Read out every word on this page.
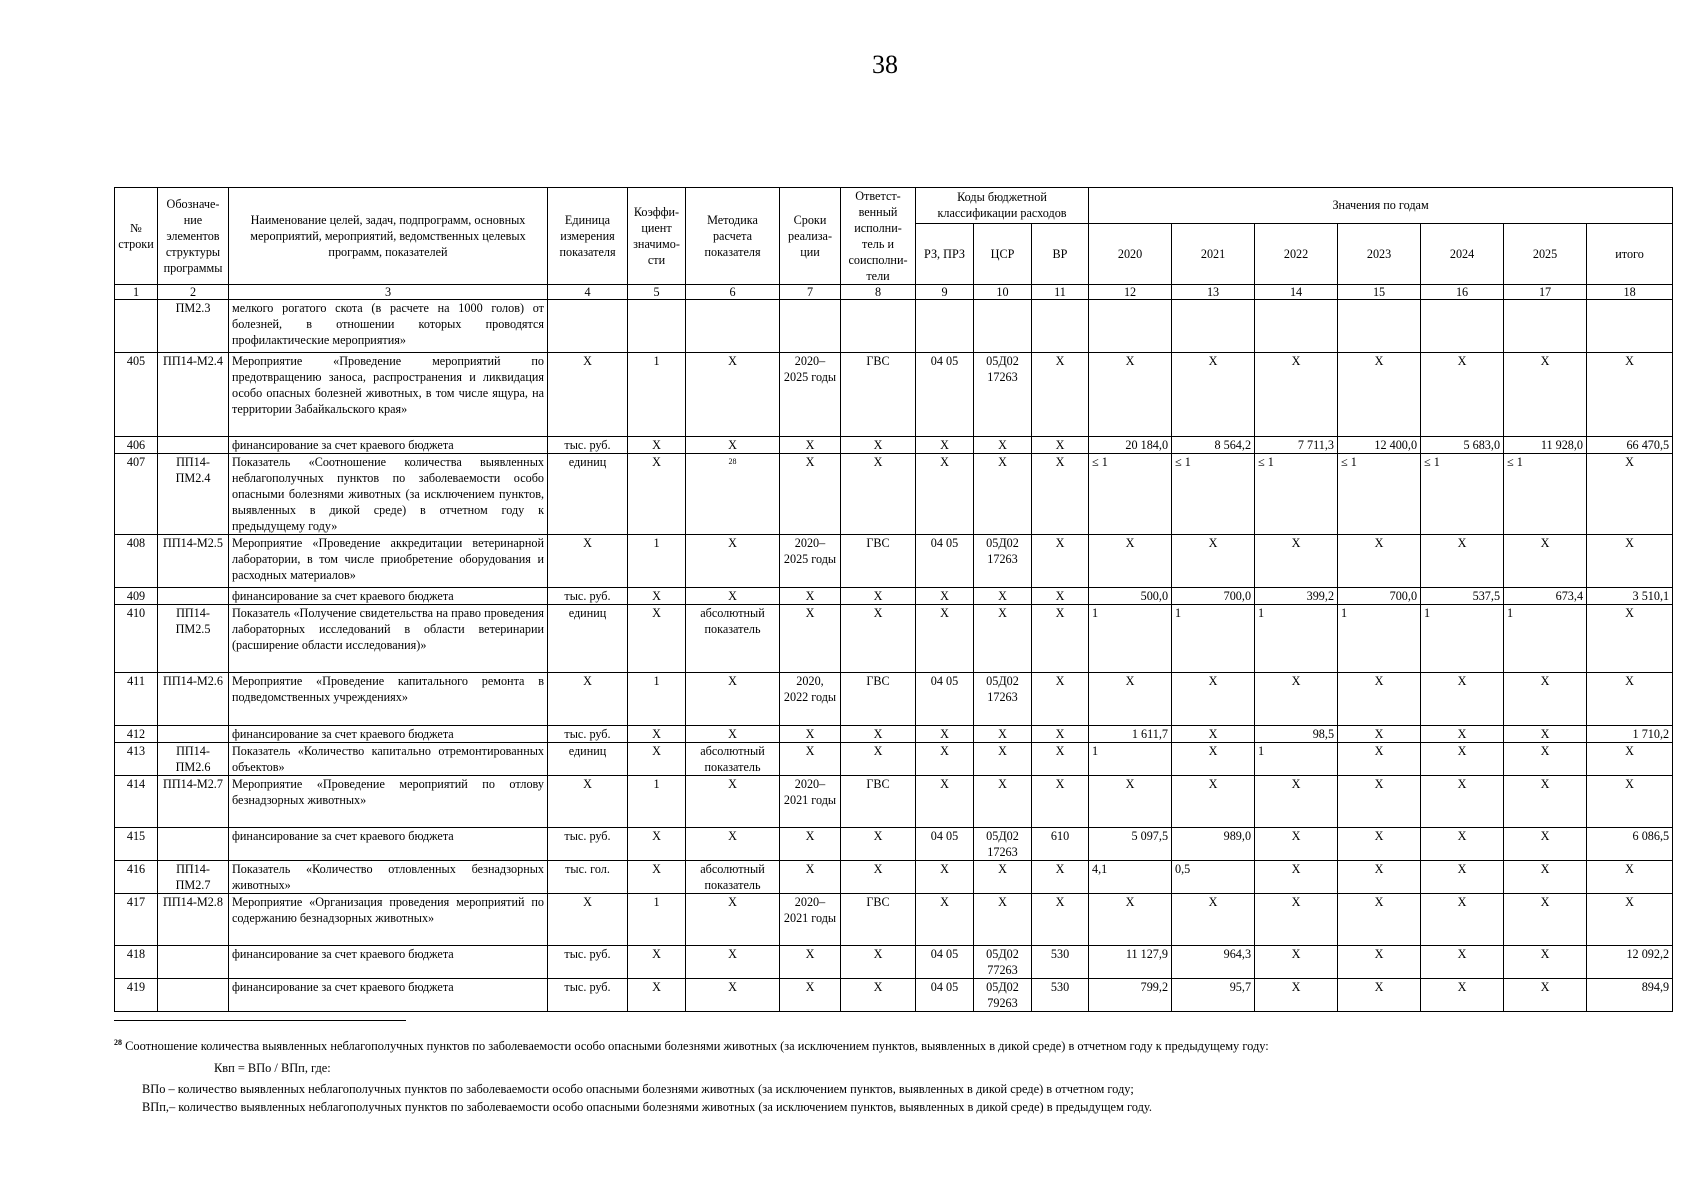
38
№ строки	Обозначе-ние элементов структуры программы	Наименование целей, задач, подпрограмм, основных мероприятий, мероприятий, ведомственных целевых программ, показателей	Единица измерения показателя	Коэффи-циент значимо-сти	Методика расчета показателя	Сроки реализа-ции	Ответст-венный исполни-тель и соисполни-тели	Коды бюджетной классификации расходов			Значения по годам						
								РЗ, ПРЗ	ЦСР	ВР	2020	2021	2022	2023	2024	2025	итого
1	2	3	4	5	6	7	8	9	10	11	12	13	14	15	16	17	18
	ПМ2.3	мелкого рогатого скота (в расчете на 1000 голов) от болезней, в отношении которых проводятся профилактические мероприятия»															
405	ПП14-М2.4	Мероприятие «Проведение мероприятий по предотвращению заноса, распространения и ликвидация особо опасных болезней животных, в том числе ящура, на территории Забайкальского края»	X	1	X	2020–2025 годы	ГВС	04 05	05Д02 17263	X	X	X	X	X	X	X	X
406		финансирование за счет краевого бюджета	тыс. руб.	X	X	X	X	X	X	X	20 184,0	8 564,2	7 711,3	12 400,0	5 683,0	11 928,0	66 470,5
407	ПП14-ПМ2.4	Показатель «Соотношение количества выявленных неблагополучных пунктов по заболеваемости особо опасными болезнями животных (за исключением пунктов, выявленных в дикой среде) в отчетном году к предыдущему году»	единиц	X	28	X	X	X	X	X	≤ 1	≤ 1	≤ 1	≤ 1	≤ 1	≤ 1	X
408	ПП14-М2.5	Мероприятие «Проведение аккредитации ветеринарной лаборатории, в том числе приобретение оборудования и расходных материалов»	X	1	X	2020–2025 годы	ГВС	04 05	05Д02 17263	X	X	X	X	X	X	X	X
409		финансирование за счет краевого бюджета	тыс. руб.	X	X	X	X	X	X	X	500,0	700,0	399,2	700,0	537,5	673,4	3 510,1
410	ПП14-ПМ2.5	Показатель «Получение свидетельства на право проведения лабораторных исследований в области ветеринарии (расширение области исследования)»	единиц	X	абсолютный показатель	X	X	X	X	X	1	1	1	1	1	1	X
411	ПП14-М2.6	Мероприятие «Проведение капитального ремонта в подведомственных учреждениях»	X	1	X	2020, 2022 годы	ГВС	04 05	05Д02 17263	X	X	X	X	X	X	X	X
412		финансирование за счет краевого бюджета	тыс. руб.	X	X	X	X	X	X	X	1 611,7	X	98,5	X	X	X	1 710,2
413	ПП14-ПМ2.6	Показатель «Количество капитально отремонтированных объектов»	единиц	X	абсолютный показатель	X	X	X	X	X	1	X	1	X	X	X	X
414	ПП14-М2.7	Мероприятие «Проведение мероприятий по отлову безнадзорных животных»	X	1	X	2020–2021 годы	ГВС	X	X	X	X	X	X	X	X	X	X
415		финансирование за счет краевого бюджета	тыс. руб.	X	X	X	X	04 05	05Д02 17263	610	5 097,5	989,0	X	X	X	X	6 086,5
416	ПП14-ПМ2.7	Показатель «Количество отловленных безнадзорных животных»	тыс. гол.	X	абсолютный показатель	X	X	X	X	X	4,1	0,5	X	X	X	X	X
417	ПП14-М2.8	Мероприятие «Организация проведения мероприятий по содержанию безнадзорных животных»	X	1	X	2020–2021 годы	ГВС	X	X	X	X	X	X	X	X	X	X
418		финансирование за счет краевого бюджета	тыс. руб.	X	X	X	X	04 05	05Д02 77263	530	11 127,9	964,3	X	X	X	X	12 092,2
419		финансирование за счет краевого бюджета	тыс. руб.	X	X	X	X	04 05	05Д02 79263	530	799,2	95,7	X	X	X	X	894,9

$^{28}$ Соотношение количества выявленных неблагополучных пунктов по заболеваемости особо опасными болезнями животных (за исключением пунктов, выявленных в дикой среде) в отчетном году к предыдущему году:

Квп = ВПо / ВПп, где:

ВПо – количество выявленных неблагополучных пунктов по заболеваемости особо опасными болезнями животных (за исключением пунктов, выявленных в дикой среде) в отчетном году;

ВПп,– количество выявленных неблагополучных пунктов по заболеваемости особо опасными болезнями животных (за исключением пунктов, выявленных в дикой среде) в предыдущем году.
